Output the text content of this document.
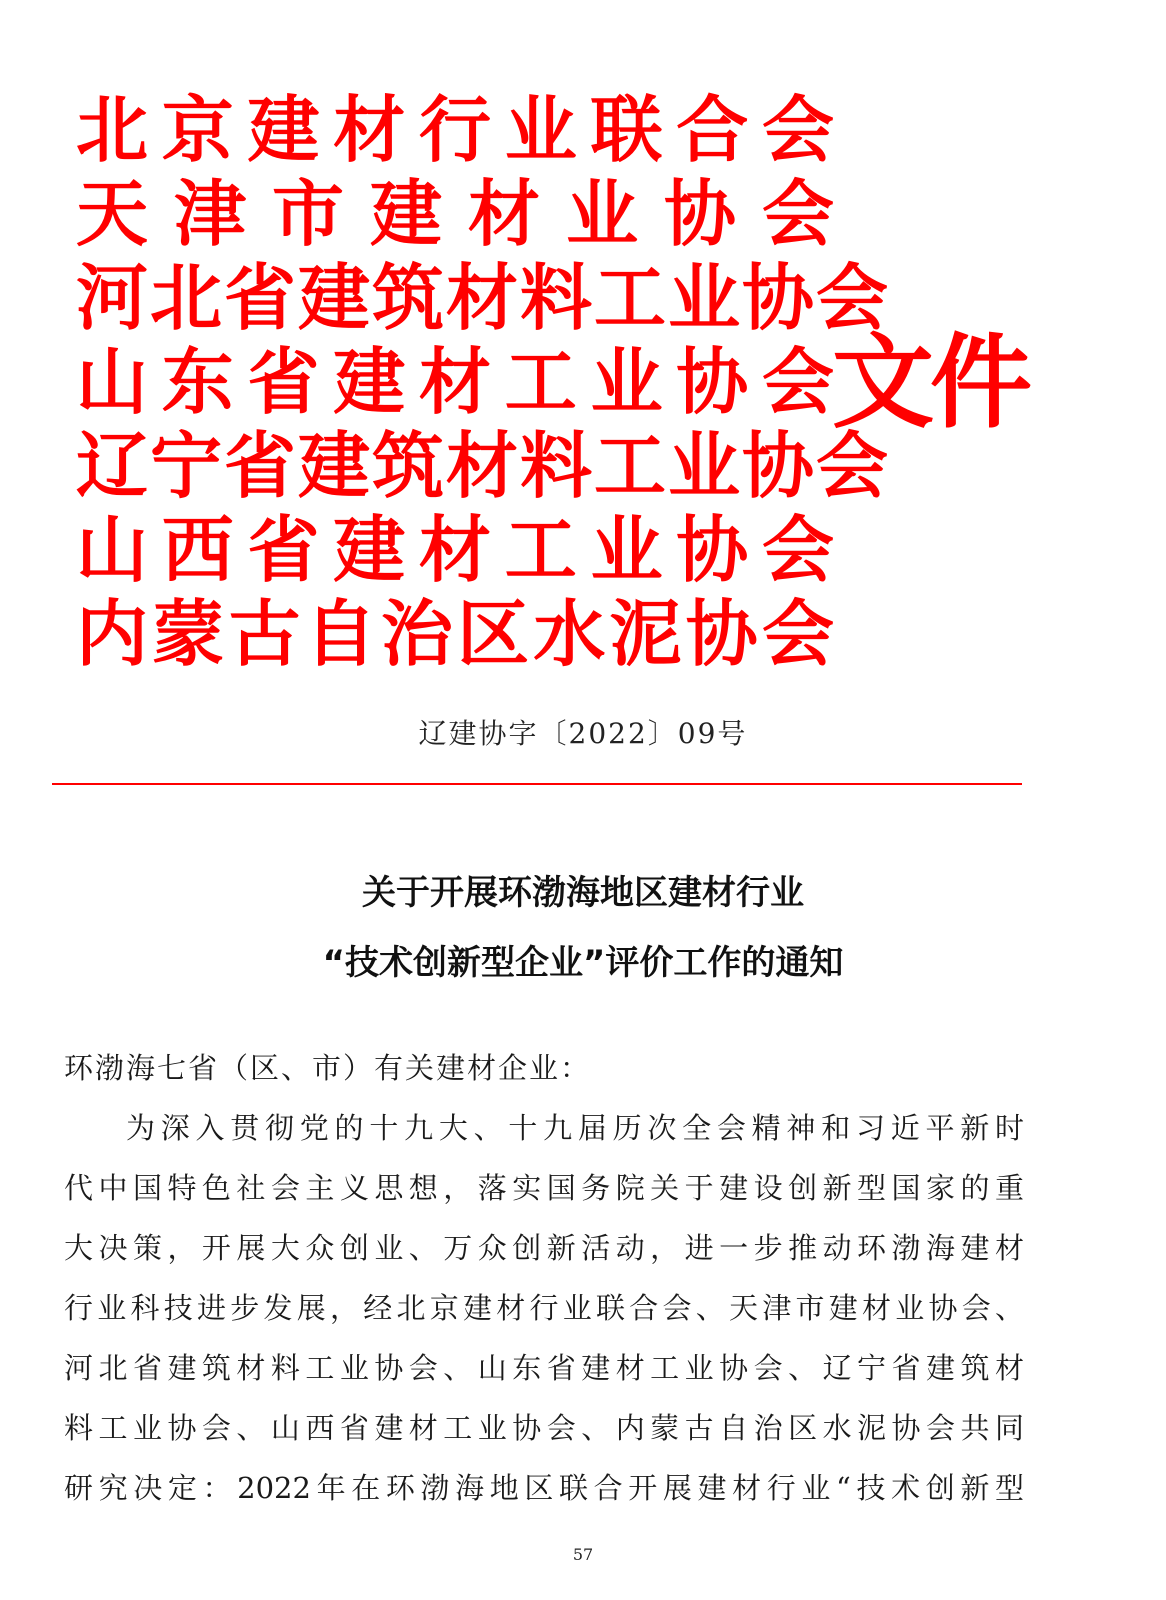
北京建材行业联合会
天津市建材业协会
河北省建筑材料工业协会
山东省建材工业协会
辽宁省建筑材料工业协会
山西省建材工业协会
内蒙古自治区水泥协会
文件
辽建协字〔2022〕09号
关于开展环渤海地区建材行业
“技术创新型企业”评价工作的通知
环渤海七省（区、市）有关建材企业：
为深入贯彻党的十九大、十九届历次全会精神和习近平新时
代中国特色社会主义思想，落实国务院关于建设创新型国家的重
大决策，开展大众创业、万众创新活动，进一步推动环渤海建材
行业科技进步发展，经北京建材行业联合会、天津市建材业协会、
河北省建筑材料工业协会、山东省建材工业协会、辽宁省建筑材
料工业协会、山西省建材工业协会、内蒙古自治区水泥协会共同
研究决定：2022年在环渤海地区联合开展建材行业“技术创新型
57
